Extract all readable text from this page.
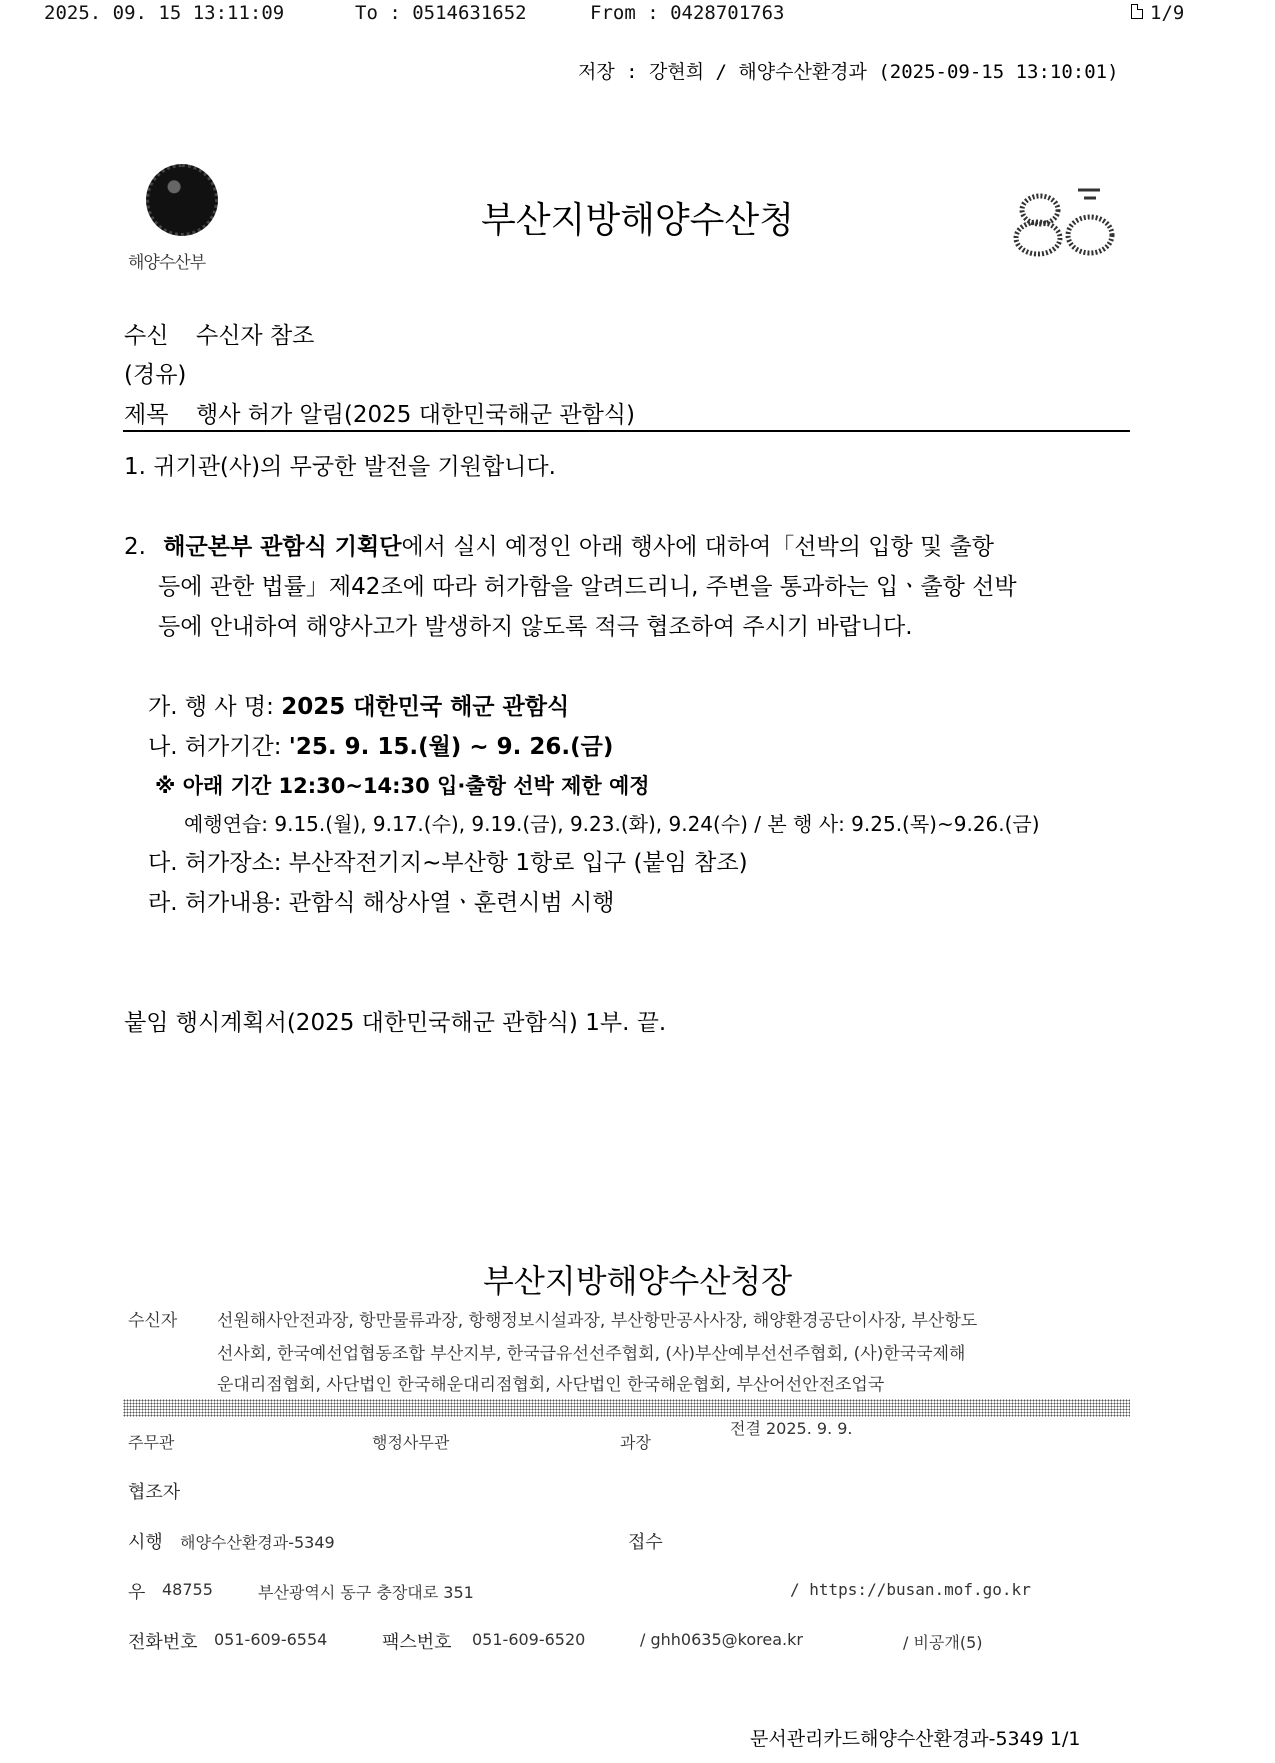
2025. 09. 15 13:11:09	To : 0514631652	From : 0428701763	1/9
저장 : 강현희 / 해양수산환경과 (2025-09-15 13:10:01)
해양수산부
부산지방해양수산청
수신 수신자 참조
(경유)
제목 행사 허가 알림(2025 대한민국해군 관함식)
1. 귀기관(사)의 무궁한 발전을 기원합니다.
2. 해군본부 관함식 기획단에서 실시 예정인 아래 행사에 대하여「선박의 입항 및 출항
등에 관한 법률」제42조에 따라 허가함을 알려드리니, 주변을 통과하는 입ㆍ출항 선박
등에 안내하여 해양사고가 발생하지 않도록 적극 협조하여 주시기 바랍니다.
가. 행 사 명: 2025 대한민국 해군 관함식
나. 허가기간: '25. 9. 15.(월) ~ 9. 26.(금)
※ 아래 기간 12:30~14:30 입·출항 선박 제한 예정
예행연습: 9.15.(월), 9.17.(수), 9.19.(금), 9.23.(화), 9.24(수) / 본 행 사: 9.25.(목)~9.26.(금)
다. 허가장소: 부산작전기지~부산항 1항로 입구 (붙임 참조)
라. 허가내용: 관함식 해상사열ㆍ훈련시범 시행
붙임 행시계획서(2025 대한민국해군 관함식) 1부. 끝.
부산지방해양수산청장
수신자 선원해사안전과장, 항만물류과장, 항행정보시설과장, 부산항만공사사장, 해양환경공단이사장, 부산항도
선사회, 한국예선업협동조합 부산지부, 한국급유선선주협회, (사)부산예부선선주협회, (사)한국국제해
운대리점협회, 사단법인 한국해운대리점협회, 사단법인 한국해운협회, 부산어선안전조업국
주무관	행정사무관	과장
전결 2025. 9. 9.
협조자
시행 해양수산환경과-5349	접수
우 48755	부산광역시 동구 충장대로 351	/ https://busan.mof.go.kr
전화번호 051-609-6554	팩스번호 051-609-6520	/ ghh0635@korea.kr	/ 비공개(5)
문서관리카드해양수산환경과-5349 1/1
